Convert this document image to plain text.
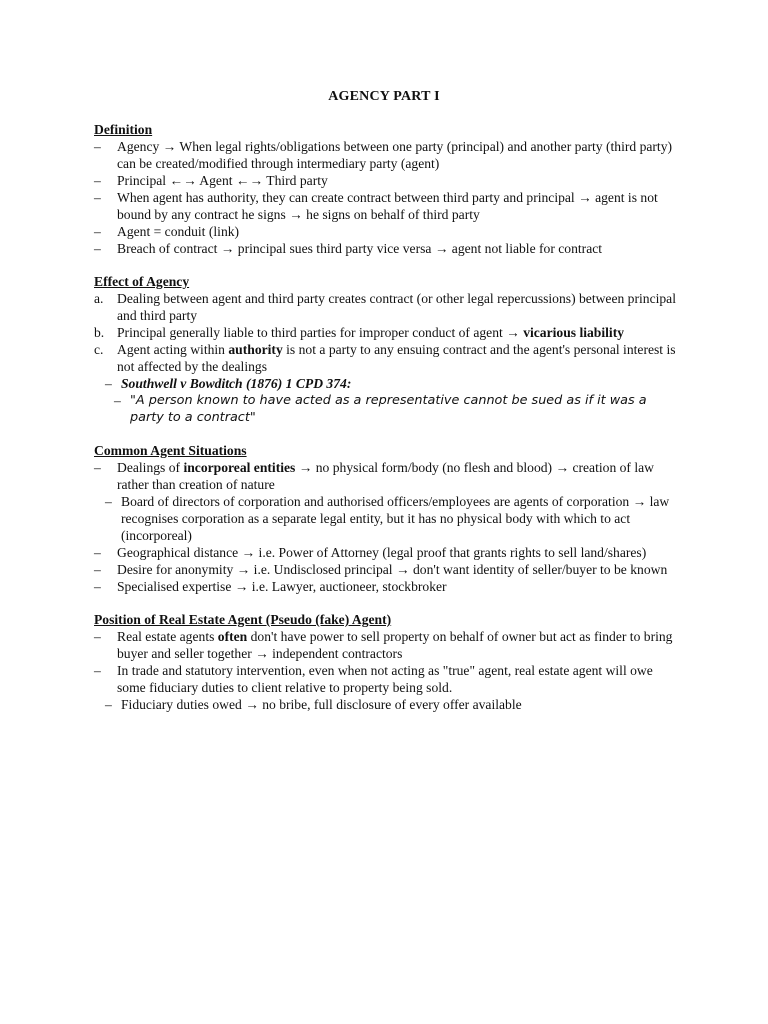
AGENCY PART I
Definition
–	Agency → When legal rights/obligations between one party (principal) and another party (third party) can be created/modified through intermediary party (agent)
–	Principal ←→ Agent ←→ Third party
–	When agent has authority, they can create contract between third party and principal → agent is not bound by any contract he signs → he signs on behalf of third party
–	Agent = conduit (link)
–	Breach of contract → principal sues third party vice versa → agent not liable for contract
Effect of Agency
a. Dealing between agent and third party creates contract (or other legal repercussions) between principal and third party
b. Principal generally liable to third parties for improper conduct of agent → vicarious liability
c. Agent acting within authority is not a party to any ensuing contract and the agent's personal interest is not affected by the dealings
– Southwell v Bowditch (1876) 1 CPD 374:
– "A person known to have acted as a representative cannot be sued as if it was a party to a contract"
Common Agent Situations
–	Dealings of incorporeal entities → no physical form/body (no flesh and blood) → creation of law rather than creation of nature
– Board of directors of corporation and authorised officers/employees are agents of corporation → law recognises corporation as a separate legal entity, but it has no physical body with which to act (incorporeal)
–	Geographical distance → i.e. Power of Attorney (legal proof that grants rights to sell land/shares)
–	Desire for anonymity → i.e. Undisclosed principal → don't want identity of seller/buyer to be known
–	Specialised expertise → i.e. Lawyer, auctioneer, stockbroker
Position of Real Estate Agent (Pseudo (fake) Agent)
–	Real estate agents often don't have power to sell property on behalf of owner but act as finder to bring buyer and seller together → independent contractors
–	In trade and statutory intervention, even when not acting as "true" agent, real estate agent will owe some fiduciary duties to client relative to property being sold.
– Fiduciary duties owed → no bribe, full disclosure of every offer available
